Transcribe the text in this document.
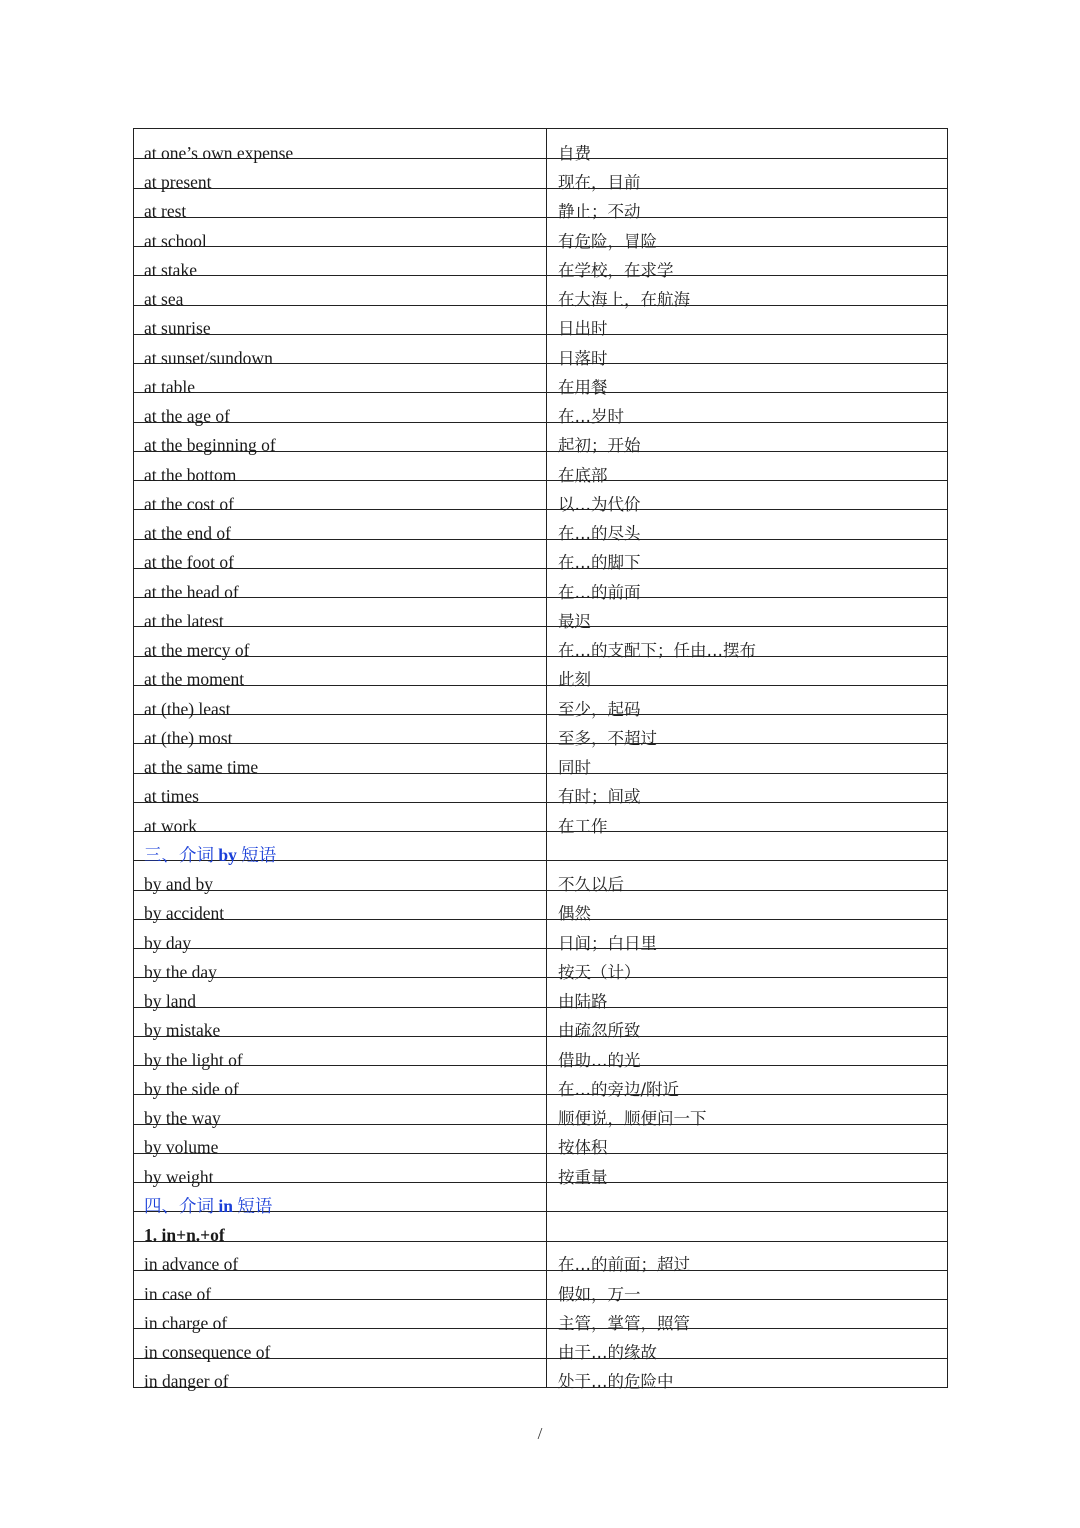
at one’s own expense	自费
at present	现在，目前
at rest	静止；不动
at school	有危险，冒险
at stake	在学校，在求学
at sea	在大海上，在航海
at sunrise	日出时
at sunset/sundown	日落时
at table	在用餐
at the age of	在…岁时
at the beginning of	起初；开始
at the bottom	在底部
at the cost of	以…为代价
at the end of	在…的尽头
at the foot of	在…的脚下
at the head of	在…的前面
at the latest	最迟
at the mercy of	在…的支配下；任由…摆布
at the moment	此刻
at (the) least	至少，起码
at (the) most	至多，不超过
at the same time	同时
at times	有时；间或
at work	在工作
三、介词 by 短语
by and by	不久以后
by accident	偶然
by day	日间；白日里
by the day	按天（计）
by land	由陆路
by mistake	由疏忽所致
by the light of	借助…的光
by the side of	在…的旁边/附近
by the way	顺便说，顺便问一下
by volume	按体积
by weight	按重量
四、介词 in 短语
1. in+n.+of
in advance of	在…的前面；超过
in case of	假如，万一
in charge of	主管，掌管，照管
in consequence of	由于…的缘故
in danger of	处于…的危险中
/
